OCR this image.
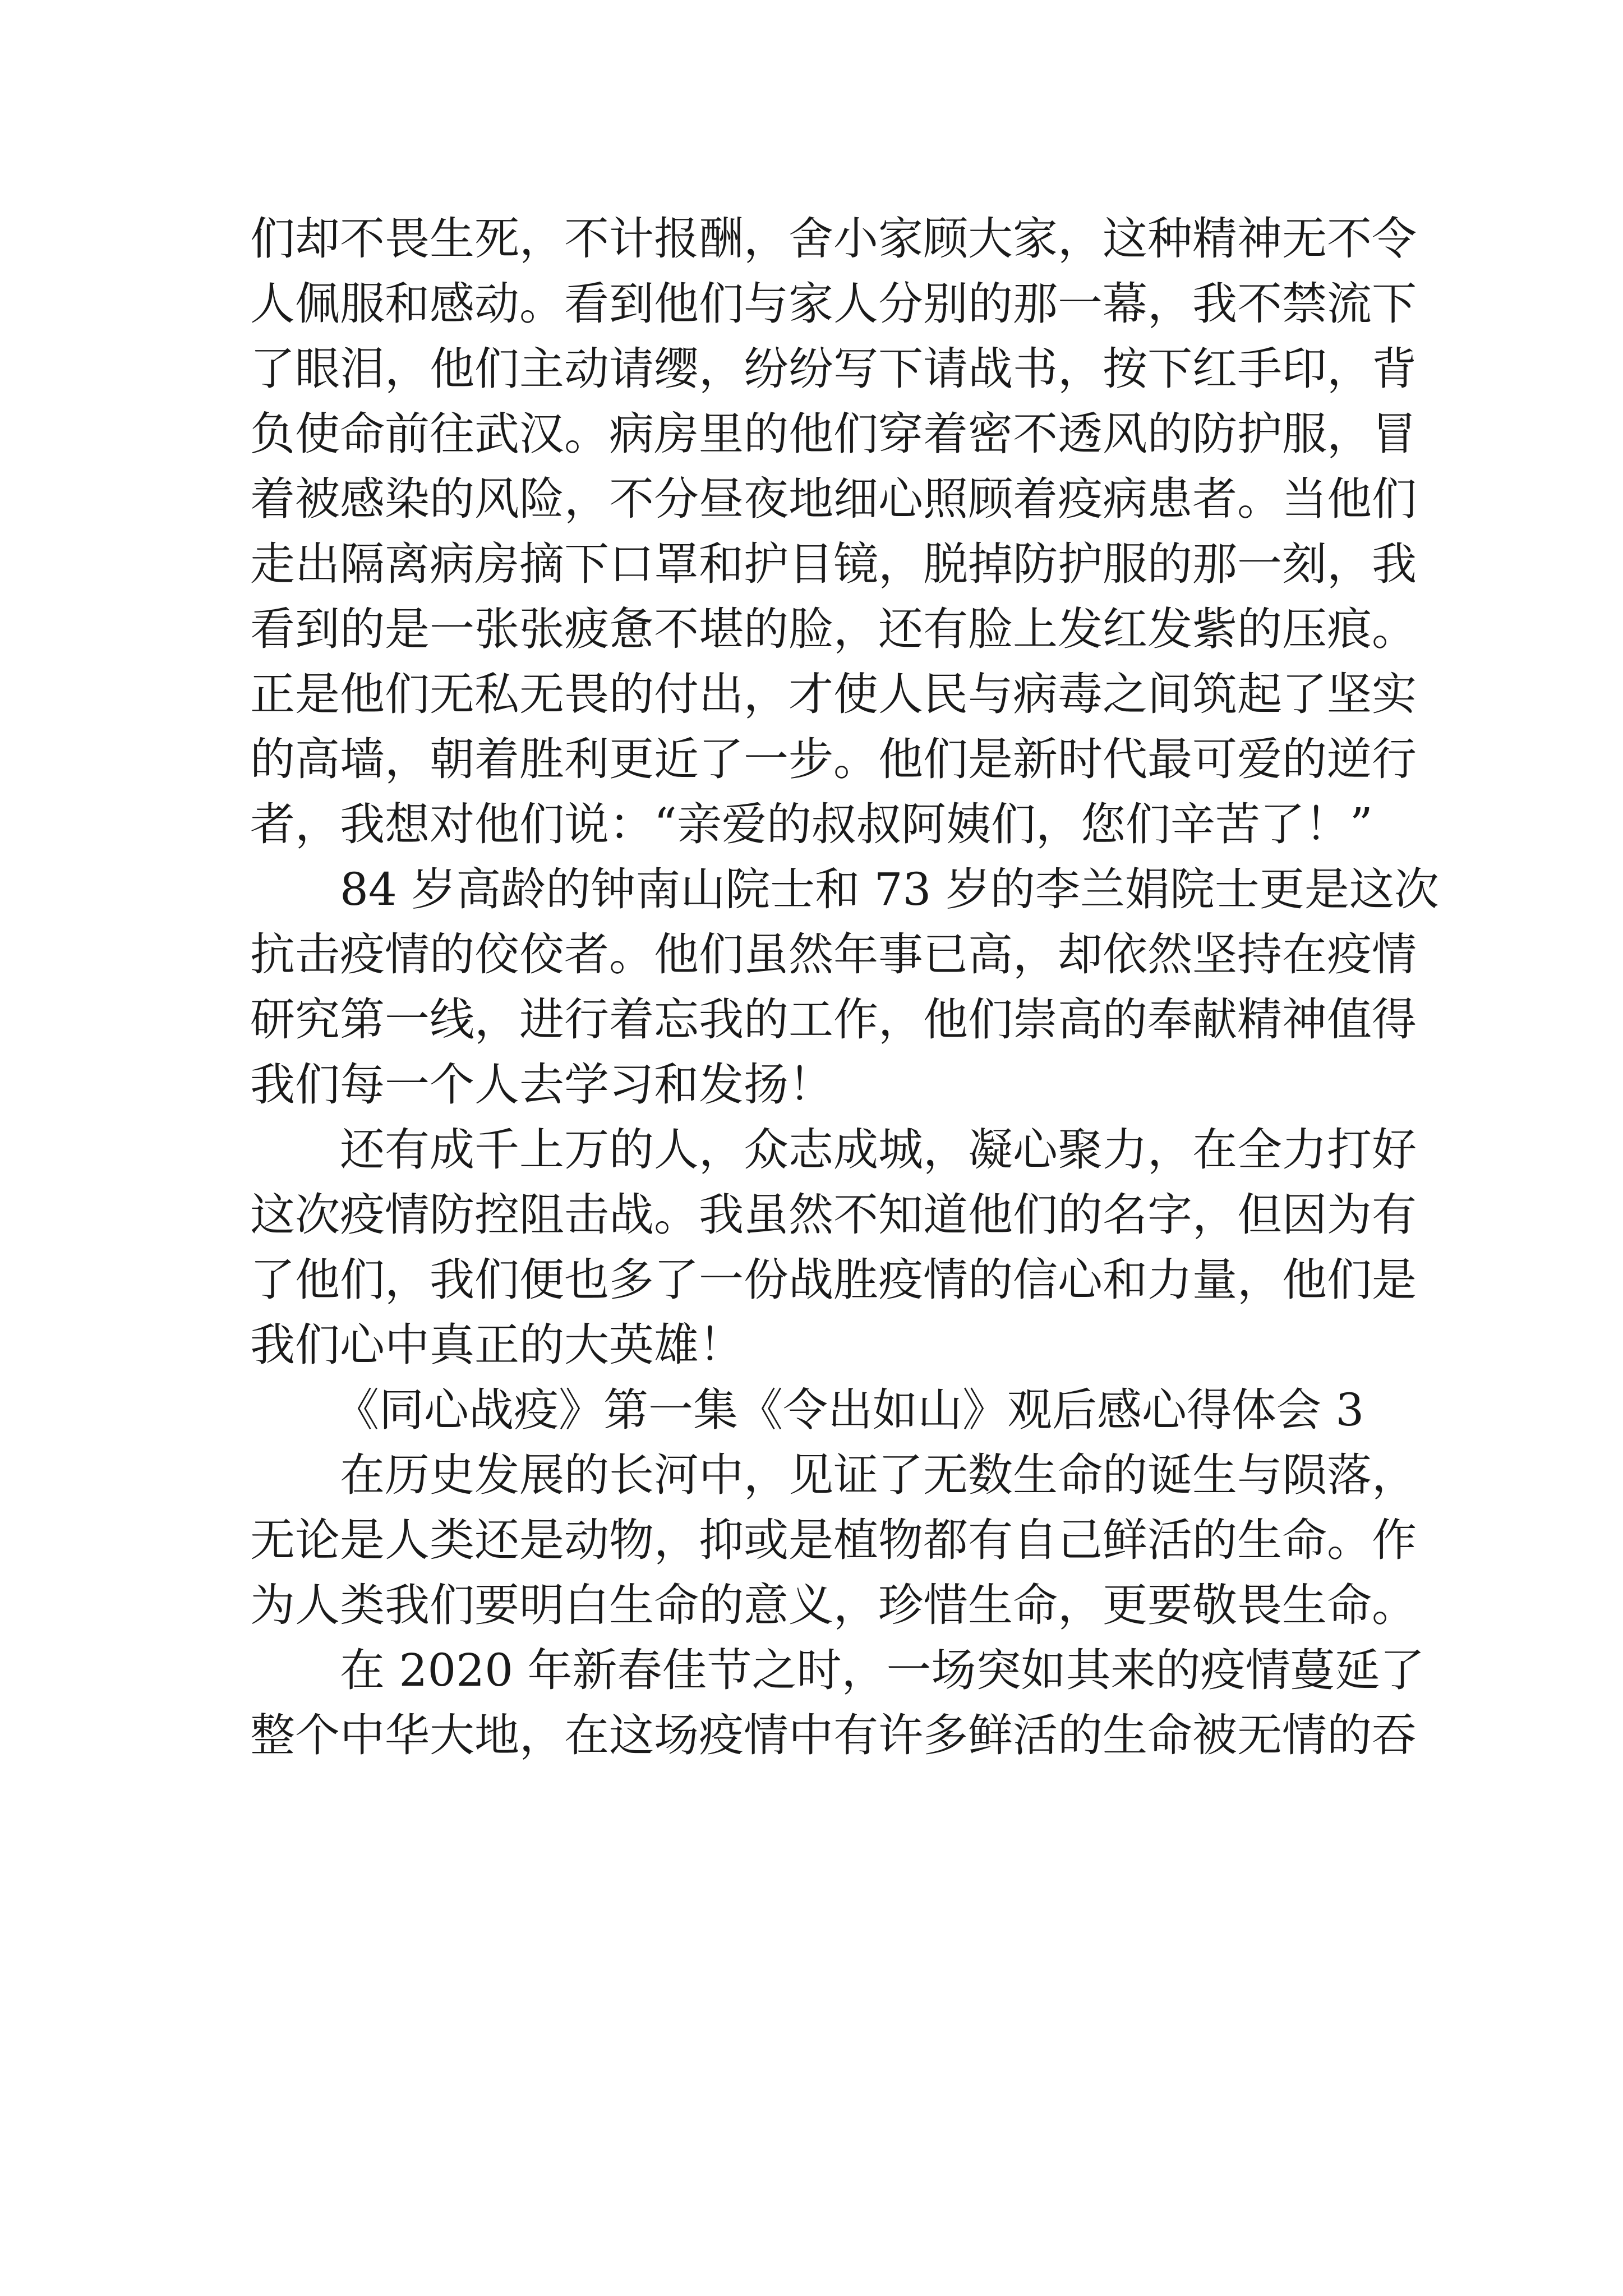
们却不畏生死，不计报酬，舍小家顾大家，这种精神无不令
人佩服和感动。看到他们与家人分别的那一幕，我不禁流下
了眼泪，他们主动请缨，纷纷写下请战书，按下红手印，背
负使命前往武汉。病房里的他们穿着密不透风的防护服，冒
着被感染的风险，不分昼夜地细心照顾着疫病患者。当他们
走出隔离病房摘下口罩和护目镜，脱掉防护服的那一刻，我
看到的是一张张疲惫不堪的脸，还有脸上发红发紫的压痕。
正是他们无私无畏的付出，才使人民与病毒之间筑起了坚实
的高墙，朝着胜利更近了一步。他们是新时代最可爱的逆行
者，我想对他们说：“亲爱的叔叔阿姨们，您们辛苦了！”
84 岁高龄的钟南山院士和 73 岁的李兰娟院士更是这次
抗击疫情的佼佼者。他们虽然年事已高，却依然坚持在疫情
研究第一线，进行着忘我的工作，他们崇高的奉献精神值得
我们每一个人去学习和发扬！
还有成千上万的人，众志成城，凝心聚力，在全力打好
这次疫情防控阻击战。我虽然不知道他们的名字，但因为有
了他们，我们便也多了一份战胜疫情的信心和力量，他们是
我们心中真正的大英雄！
《同心战疫》第一集《令出如山》观后感心得体会 3
在历史发展的长河中，见证了无数生命的诞生与陨落，
无论是人类还是动物，抑或是植物都有自己鲜活的生命。作
为人类我们要明白生命的意义，珍惜生命，更要敬畏生命。
在 2020 年新春佳节之时，一场突如其来的疫情蔓延了
整个中华大地，在这场疫情中有许多鲜活的生命被无情的吞
